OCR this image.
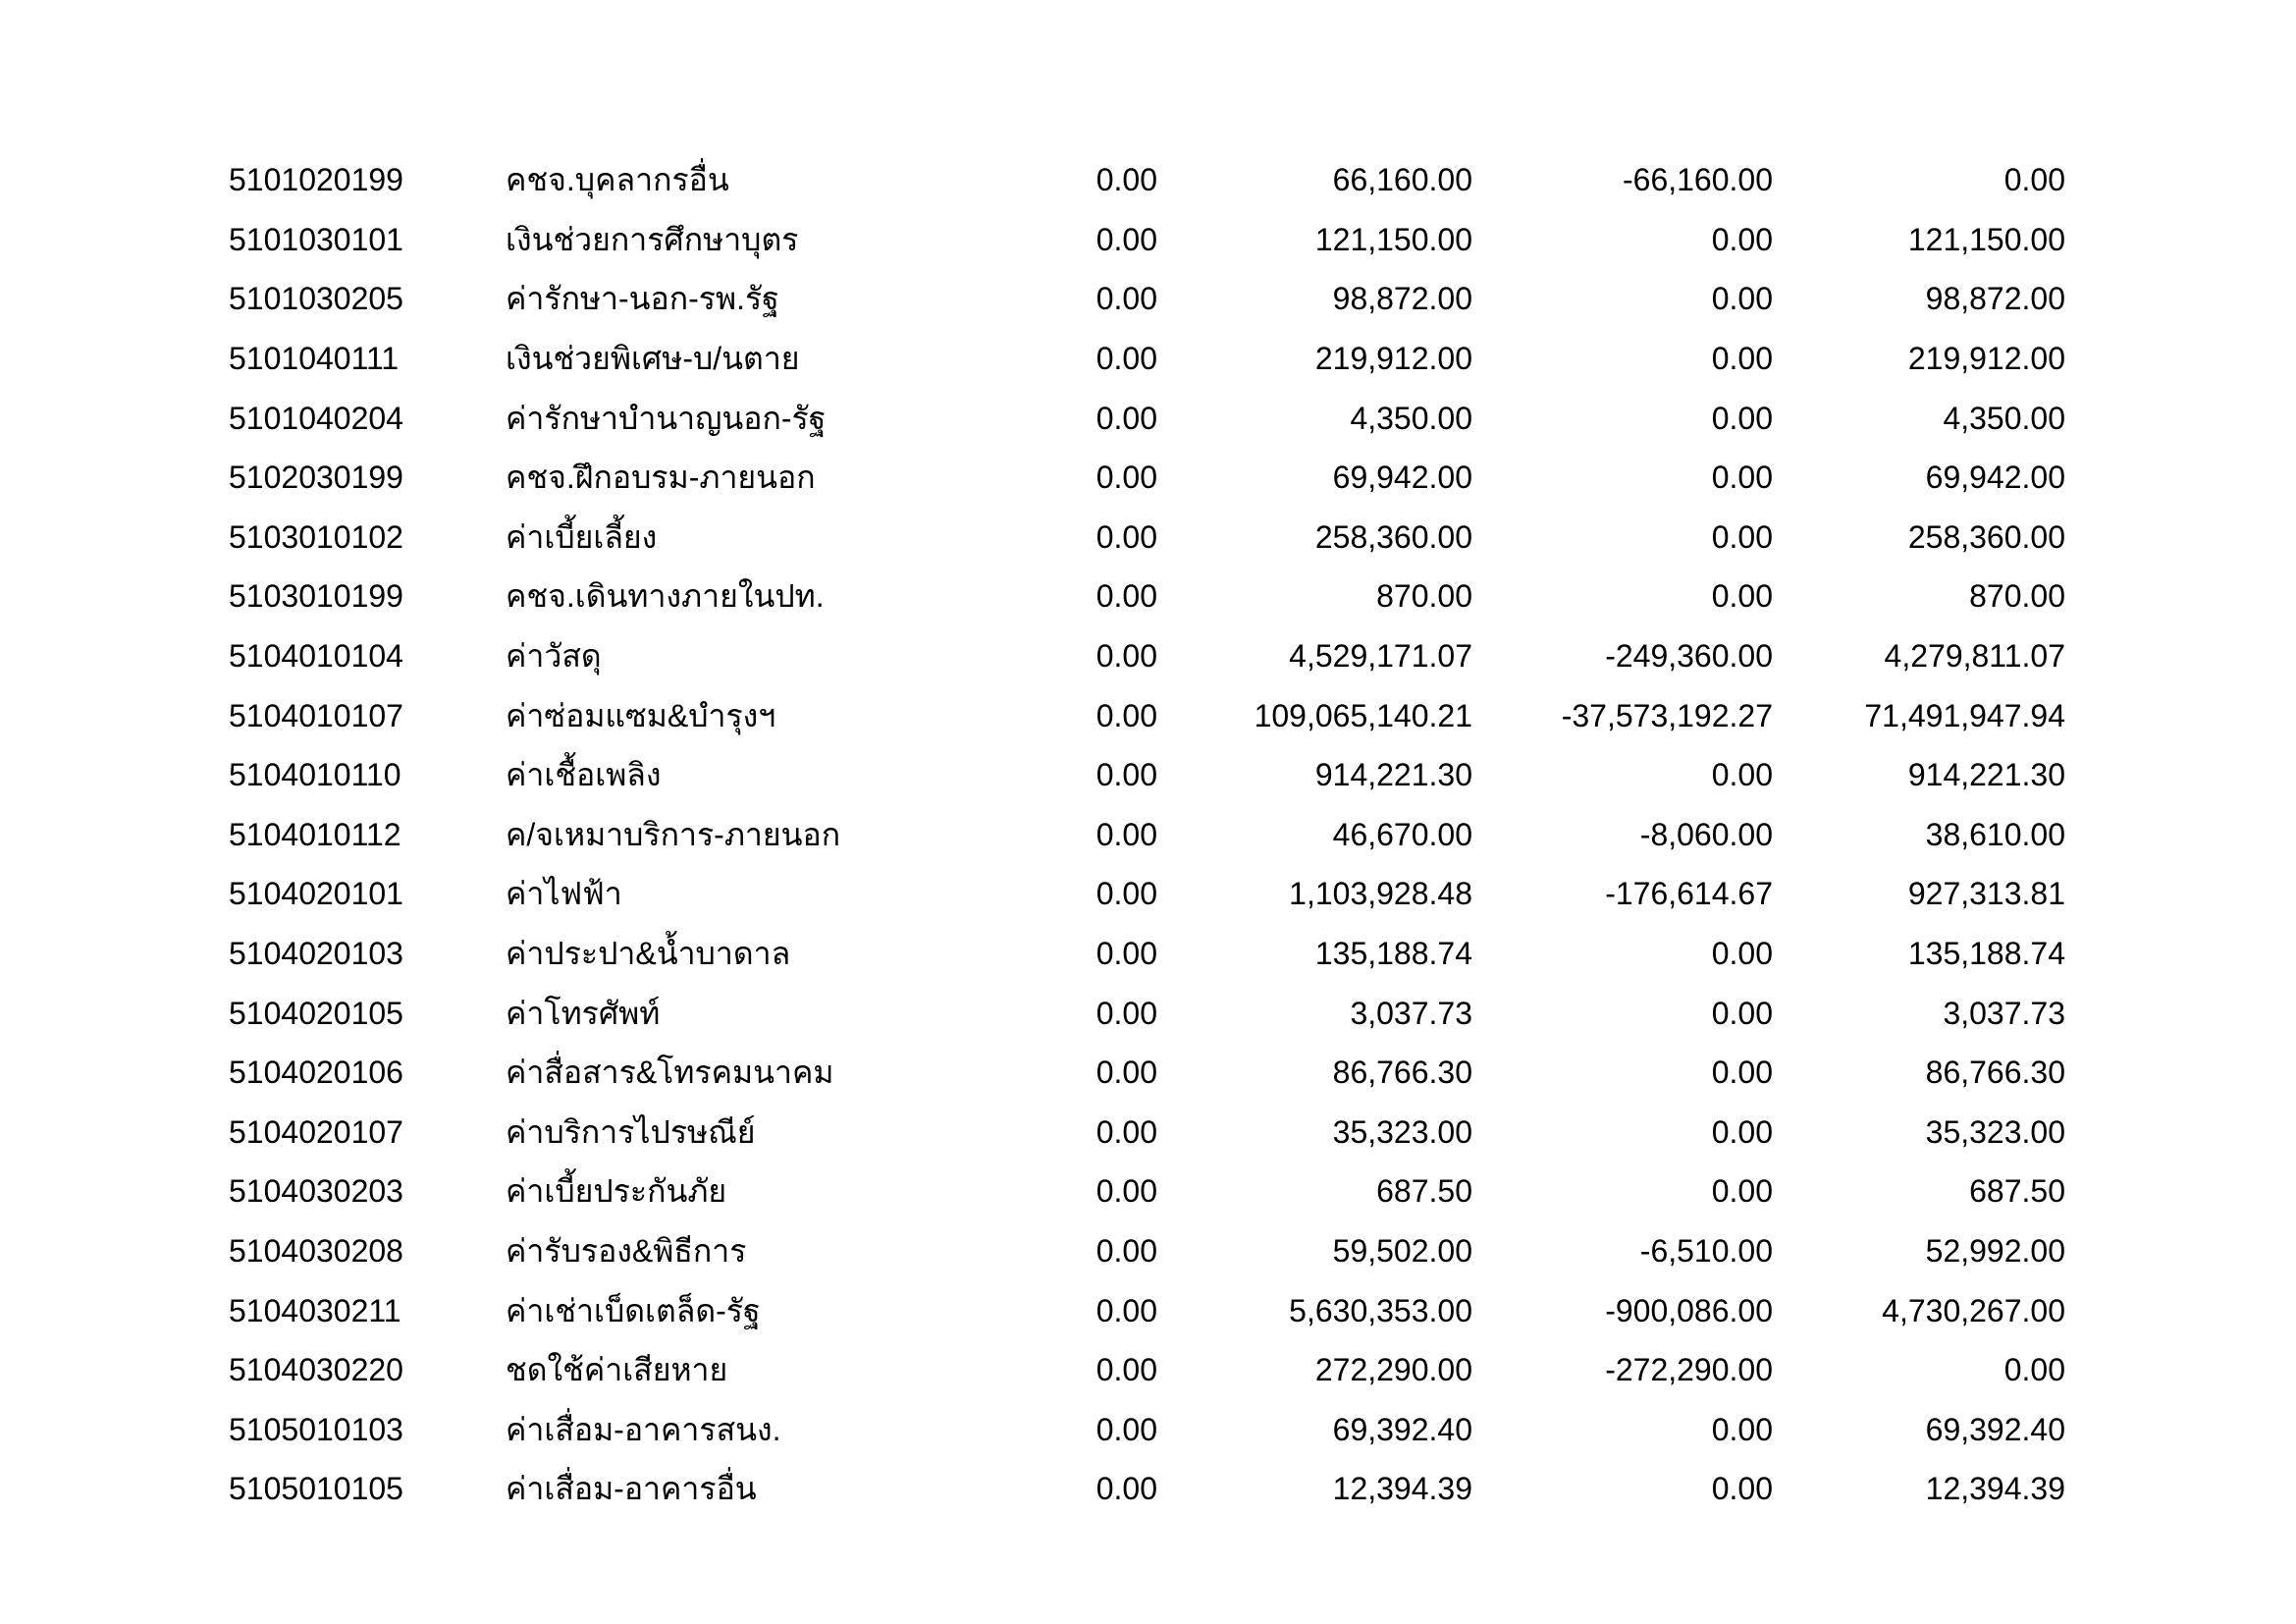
5101020199	คชจ.บุคลากรอื่น	0.00	66,160.00	-66,160.00	0.00
5101030101	เงินช่วยการศึกษาบุตร	0.00	121,150.00	0.00	121,150.00
5101030205	ค่ารักษา-นอก-รพ.รัฐ	0.00	98,872.00	0.00	98,872.00
5101040111	เงินช่วยพิเศษ-บ/นตาย	0.00	219,912.00	0.00	219,912.00
5101040204	ค่ารักษาบำนาญนอก-รัฐ	0.00	4,350.00	0.00	4,350.00
5102030199	คชจ.ฝึกอบรม-ภายนอก	0.00	69,942.00	0.00	69,942.00
5103010102	ค่าเบี้ยเลี้ยง	0.00	258,360.00	0.00	258,360.00
5103010199	คชจ.เดินทางภายในปท.	0.00	870.00	0.00	870.00
5104010104	ค่าวัสดุ	0.00	4,529,171.07	-249,360.00	4,279,811.07
5104010107	ค่าซ่อมแซม&บำรุงฯ	0.00	109,065,140.21	-37,573,192.27	71,491,947.94
5104010110	ค่าเชื้อเพลิง	0.00	914,221.30	0.00	914,221.30
5104010112	ค/จเหมาบริการ-ภายนอก	0.00	46,670.00	-8,060.00	38,610.00
5104020101	ค่าไฟฟ้า	0.00	1,103,928.48	-176,614.67	927,313.81
5104020103	ค่าประปา&น้ำบาดาล	0.00	135,188.74	0.00	135,188.74
5104020105	ค่าโทรศัพท์	0.00	3,037.73	0.00	3,037.73
5104020106	ค่าสื่อสาร&โทรคมนาคม	0.00	86,766.30	0.00	86,766.30
5104020107	ค่าบริการไปรษณีย์	0.00	35,323.00	0.00	35,323.00
5104030203	ค่าเบี้ยประกันภัย	0.00	687.50	0.00	687.50
5104030208	ค่ารับรอง&พิธีการ	0.00	59,502.00	-6,510.00	52,992.00
5104030211	ค่าเช่าเบ็ดเตล็ด-รัฐ	0.00	5,630,353.00	-900,086.00	4,730,267.00
5104030220	ชดใช้ค่าเสียหาย	0.00	272,290.00	-272,290.00	0.00
5105010103	ค่าเสื่อม-อาคารสนง.	0.00	69,392.40	0.00	69,392.40
5105010105	ค่าเสื่อม-อาคารอื่น	0.00	12,394.39	0.00	12,394.39
